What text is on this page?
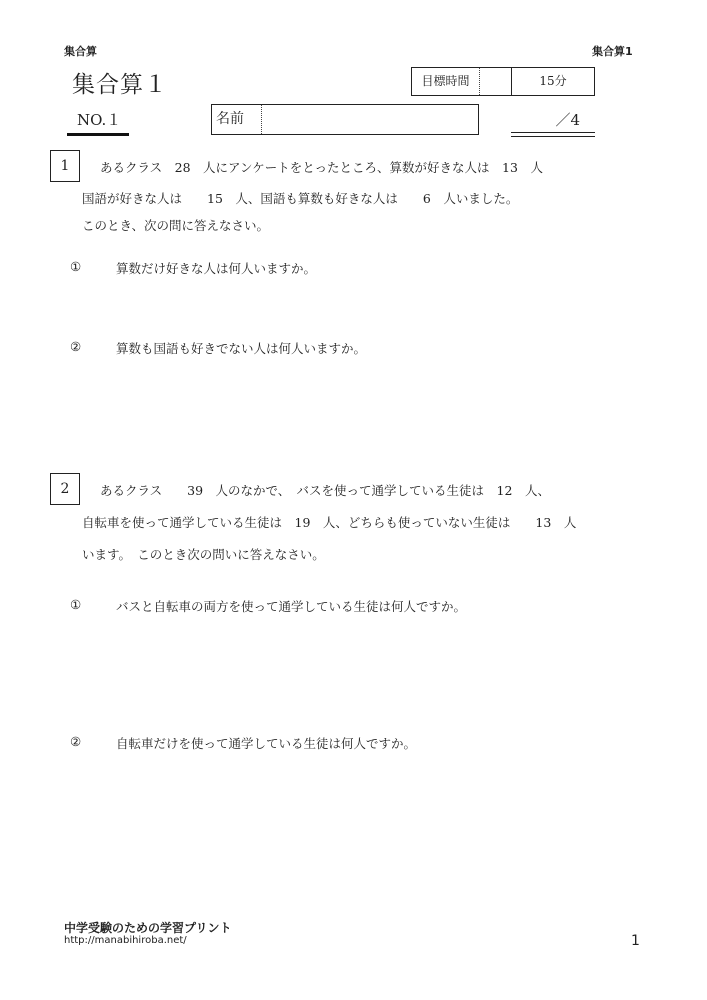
集合算	集合算1
集合算１	目標時間	15分
NO.１	名前	／4
1	あるクラス　28　人にアンケートをとったところ、算数が好きな人は　13　人
国語が好きな人は　　15　人、国語も算数も好きな人は　　6　人いました。
このとき、次の問に答えなさい。
①	算数だけ好きな人は何人いますか。
②	算数も国語も好きでない人は何人いますか。
2	あるクラス　　39　人のなかで、　バスを使って通学している生徒は　12　人、
自転車を使って通学している生徒は　19　人、どちらも使っていない生徒は　　13　人
います。　このとき次の問いに答えなさい。
①	バスと自転車の両方を使って通学している生徒は何人ですか。
②	自転車だけを使って通学している生徒は何人ですか。
中学受験のための学習プリント
http://manabihiroba.net/	1
